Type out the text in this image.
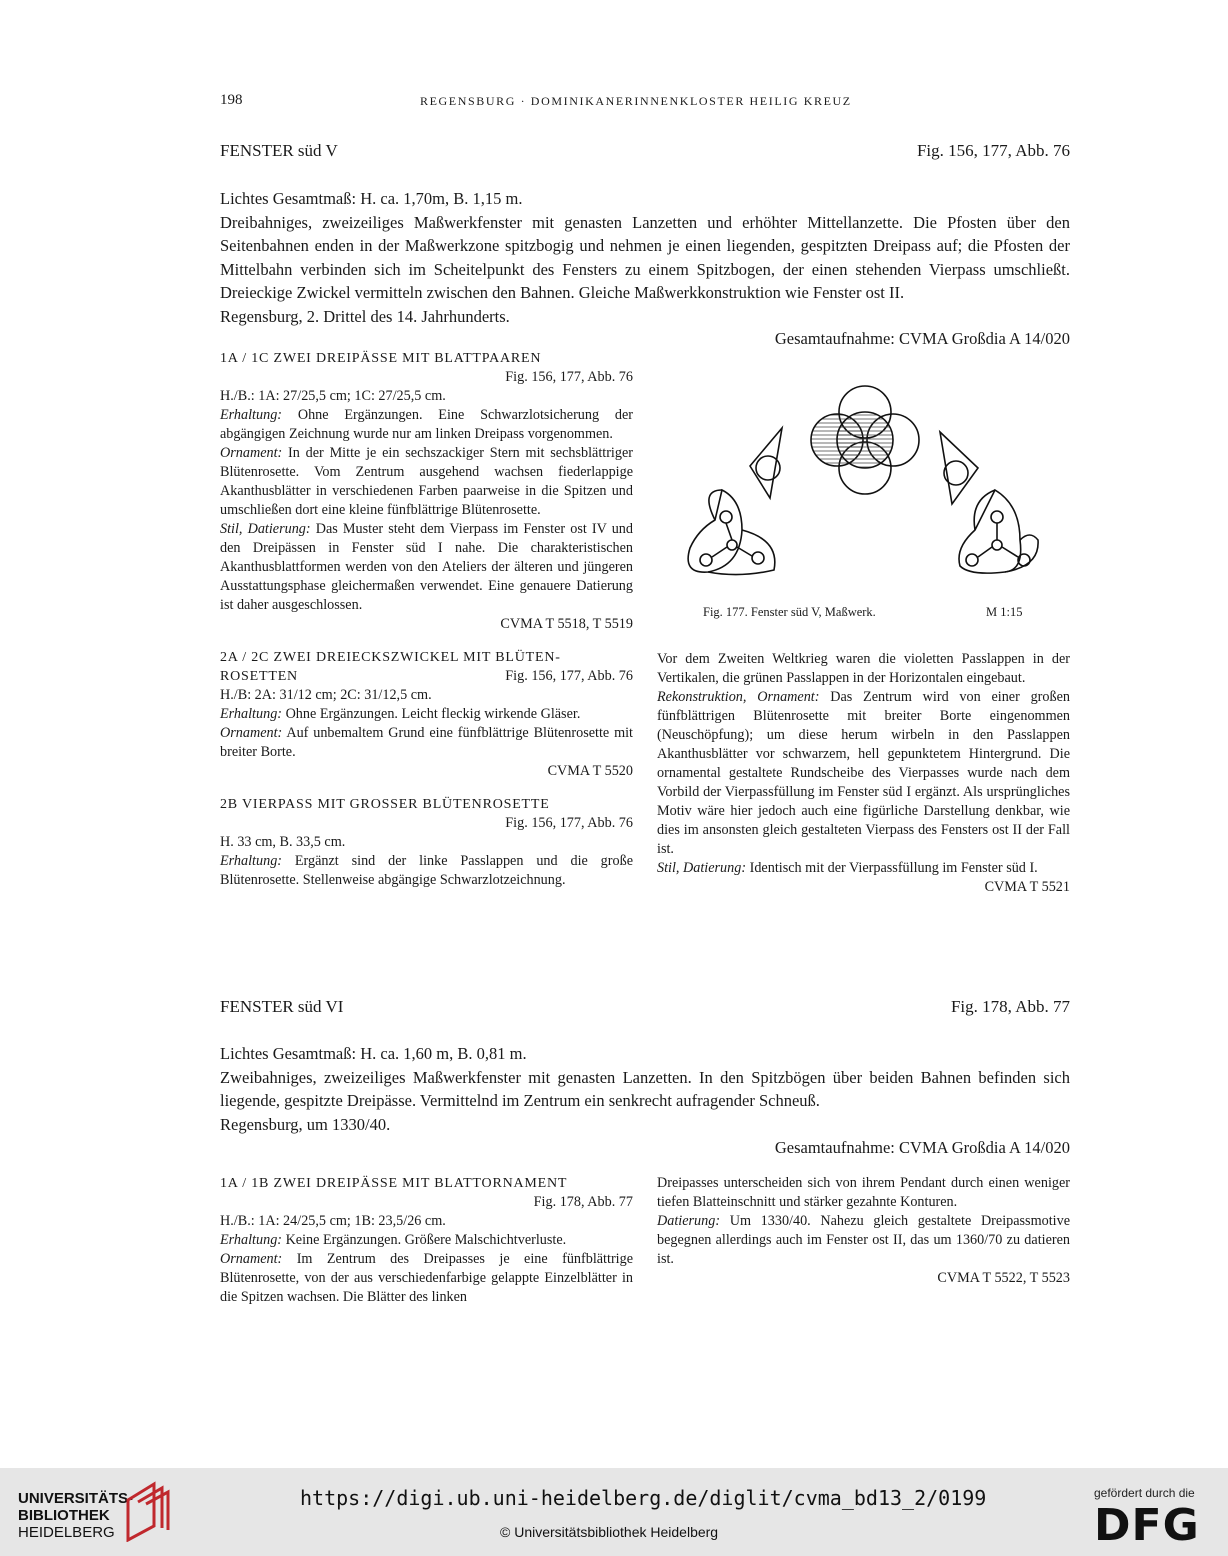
198	REGENSBURG · DOMINIKANERINNENKLOSTER HEILIG KREUZ
FENSTER süd V	Fig. 156, 177, Abb. 76

Lichtes Gesamtmaß: H. ca. 1,70m, B. 1,15 m.

Dreibahniges, zweizeiliges Maßwerkfenster mit genasten Lanzetten und erhöhter Mittellanzette. Die Pfosten über den Seitenbahnen enden in der Maßwerkzone spitzbogig und nehmen je einen liegenden, gespitzten Dreipass auf; die Pfosten der Mittelbahn verbinden sich im Scheitelpunkt des Fensters zu einem Spitzbogen, der einen stehenden Vierpass umschließt. Dreieckige Zwickel vermitteln zwischen den Bahnen. Gleiche Maßwerkkonstruktion wie Fenster ost II.

Regensburg, 2. Drittel des 14. Jahrhunderts.

Gesamtaufnahme: CVMA Großdia A 14/020

1A / 1C ZWEI DREIPÄSSE MIT BLATTPAAREN

Fig. 156, 177, Abb. 76

H./B.: 1A: 27/25,5 cm; 1C: 27/25,5 cm.

Erhaltung: Ohne Ergänzungen. Eine Schwarzlotsicherung der abgängigen Zeichnung wurde nur am linken Dreipass vorgenommen.

Ornament: In der Mitte je ein sechszackiger Stern mit sechsblättriger Blütenrosette. Vom Zentrum ausgehend wachsen fiederlappige Akanthusblätter in verschiedenen Farben paarweise in die Spitzen und umschließen dort eine kleine fünfblättrige Blütenrosette.

Stil, Datierung: Das Muster steht dem Vierpass im Fenster ost IV und den Dreipässen in Fenster süd I nahe. Die charakteristischen Akanthusblattformen werden von den Ateliers der älteren und jüngeren Ausstattungsphase gleichermaßen verwendet. Eine genauere Datierung ist daher ausgeschlossen.

CVMA T 5518, T 5519

2A / 2C ZWEI DREIECKSZWICKEL MIT BLÜTEN-

ROSETTEN	Fig. 156, 177, Abb. 76

H./B: 2A: 31/12 cm; 2C: 31/12,5 cm.

Erhaltung: Ohne Ergänzungen. Leicht fleckig wirkende Gläser.

Ornament: Auf unbemaltem Grund eine fünfblättrige Blütenrosette mit breiter Borte.

CVMA T 5520

2B VIERPASS MIT GROSSER BLÜTENROSETTE

Fig. 156, 177, Abb. 76

H. 33 cm, B. 33,5 cm.

Erhaltung: Ergänzt sind der linke Passlappen und die große Blütenrosette. Stellenweise abgängige Schwarzlotzeichnung.

Fig. 177. Fenster süd V, Maßwerk.	M 1:15

Vor dem Zweiten Weltkrieg waren die violetten Passlappen in der Vertikalen, die grünen Passlappen in der Horizontalen eingebaut.

Rekonstruktion, Ornament: Das Zentrum wird von einer großen fünfblättrigen Blütenrosette mit breiter Borte eingenommen (Neuschöpfung); um diese herum wirbeln in den Passlappen Akanthusblätter vor schwarzem, hell gepunktetem Hintergrund. Die ornamental gestaltete Rundscheibe des Vierpasses wurde nach dem Vorbild der Vierpassfüllung im Fenster süd I ergänzt. Als ursprüngliches Motiv wäre hier jedoch auch eine figürliche Darstellung denkbar, wie dies im ansonsten gleich gestalteten Vierpass des Fensters ost II der Fall ist.

Stil, Datierung: Identisch mit der Vierpassfüllung im Fenster süd I.

CVMA T 5521

FENSTER süd VI	Fig. 178, Abb. 77

Lichtes Gesamtmaß: H. ca. 1,60 m, B. 0,81 m.

Zweibahniges, zweizeiliges Maßwerkfenster mit genasten Lanzetten. In den Spitzbögen über beiden Bahnen befinden sich liegende, gespitzte Dreipässe. Vermittelnd im Zentrum ein senkrecht aufragender Schneuß.

Regensburg, um 1330/40.

Gesamtaufnahme: CVMA Großdia A 14/020

1A / 1B ZWEI DREIPÄSSE MIT BLATTORNAMENT

Fig. 178, Abb. 77

H./B.: 1A: 24/25,5 cm; 1B: 23,5/26 cm.

Erhaltung: Keine Ergänzungen. Größere Malschichtverluste.

Ornament: Im Zentrum des Dreipasses je eine fünfblättrige Blütenrosette, von der aus verschiedenfarbige gelappte Einzelblätter in die Spitzen wachsen. Die Blätter des linken

Dreipasses unterscheiden sich von ihrem Pendant durch einen weniger tiefen Blatteinschnitt und stärker gezahnte Konturen.

Datierung: Um 1330/40. Nahezu gleich gestaltete Dreipassmotive begegnen allerdings auch im Fenster ost II, das um 1360/70 zu datieren ist.

CVMA T 5522, T 5523

UNIVERSITÄTS-
BIBLIOTHEK
HEIDELBERG
https://digi.ub.uni-heidelberg.de/diglit/cvma_bd13_2/0199
© Universitätsbibliothek Heidelberg
gefördert durch die
DFG
